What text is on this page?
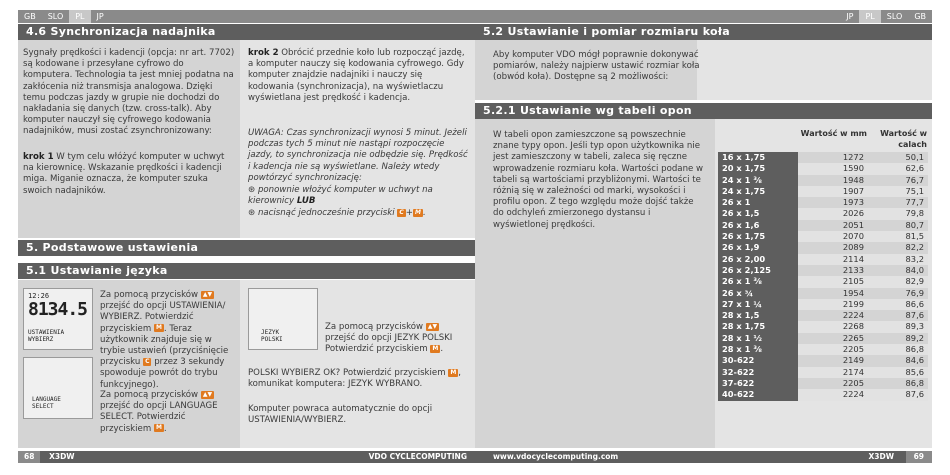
GB	SLO	PL	JP
4.6 Synchronizacja nadajnika
Sygnały prędkości i kadencji (opcja: nr art. 7702) są kodowane i przesyłane cyfrowo do komputera. Technologia ta jest mniej podatna na zakłócenia niż transmisja analogowa. Dzięki temu podczas jazdy w grupie nie dochodzi do nakładania się danych (tzw. cross-talk). Aby komputer nauczył się cyfrowego kodowania nadajników, musi zostać zsynchronizowany:
krok 1 W tym celu włóżyć komputer w uchwyt na kierownicę. Wskazanie prędkości i kadencji miga. Miganie oznacza, że komputer szuka swoich nadajników.
krok 2 Obrócić przednie koło lub rozpocząć jazdę, a komputer nauczy się kodowania cyfrowego. Gdy komputer znajdzie nadajniki i nauczy się kodowania (synchronizacja), na wyświetlaczu wyświetlana jest prędkość i kadencja.
UWAGA: Czas synchronizacji wynosi 5 minut. Jeżeli podczas tych 5 minut nie nastąpi rozpoczęcie jazdy, to synchronizacja nie odbędzie się. Prędkość i kadencja nie są wyświetlane. Należy wtedy powtórzyć synchronizację:
⊛ ponownie włożyć komputer w uchwyt na kierownicy LUB
⊛ nacisnąć jednocześnie przyciski C + M .
5. Podstawowe ustawienia
5.1 Ustawianie języka
12:26
8134.5
USTAWIENIA WYBIERZ
Za pomocą przycisków ▲▼ przejść do opcji USTAWIENIA/ WYBIERZ. Potwierdzić przyciskiem M . Teraz użytkownik znajduje się w trybie ustawień (przyciśnięcie przycisku C przez 3 sekundy spowoduje powrót do trybu funkcyjnego).
LANGUAGE SELECT
Za pomocą przycisków ▲▼ przejść do opcji LANGUAGE SELECT. Potwierdzić przyciskiem M .
JEZYK POLSKI
Za pomocą przycisków ▲▼ przejść do opcji JEZYK POLSKI Potwierdzić przyciskiem M .
POLSKI WYBIERZ OK? Potwierdzić przyciskiem M , komunikat komputera: JEZYK WYBRANO.
Komputer powraca automatycznie do opcji USTAWIENIA/WYBIERZ.
68 X3DW	VDO CYCLECOMPUTING
JP	PL	SLO	GB
5.2 Ustawianie i pomiar rozmiaru koła
Aby komputer VDO mógł poprawnie dokonywać pomiarów, należy najpierw ustawić rozmiar koła (obwód koła). Dostępne są 2 możliwości:
5.2.1 Ustawianie wg tabeli opon
W tabeli opon zamieszczone są powszechnie znane typy opon. Jeśli typ opon użytkownika nie jest zamieszczony w tabeli, zaleca się ręczne wprowadzenie rozmiaru koła. Wartości podane w tabeli są wartościami przybliżonymi. Wartości te różnią się w zależności od marki, wysokości i profilu opon. Z tego względu może dojść także do odchyleń zmierzonego dystansu i wyświetlonej prędkości.
Wartość w mm	Wartość w calach
16 x 1,75	1272	50,1
20 x 1,75	1590	62,6
24 x 1 ³⁄₈	1948	76,7
24 x 1,75	1907	75,1
26 x 1	1973	77,7
26 x 1,5	2026	79,8
26 x 1,6	2051	80,7
26 x 1,75	2070	81,5
26 x 1,9	2089	82,2
26 x 2,00	2114	83,2
26 x 2,125	2133	84,0
26 x 1 ³⁄₈	2105	82,9
26 x ¾	1954	76,9
27 x 1 ¼	2199	86,6
28 x 1,5	2224	87,6
28 x 1,75	2268	89,3
28 x 1 ½	2265	89,2
28 x 1 ³⁄₈	2205	86,8
30-622	2149	84,6
32-622	2174	85,6
37-622	2205	86,8
40-622	2224	87,6
www.vdocyclecomputing.com	X3DW	69
